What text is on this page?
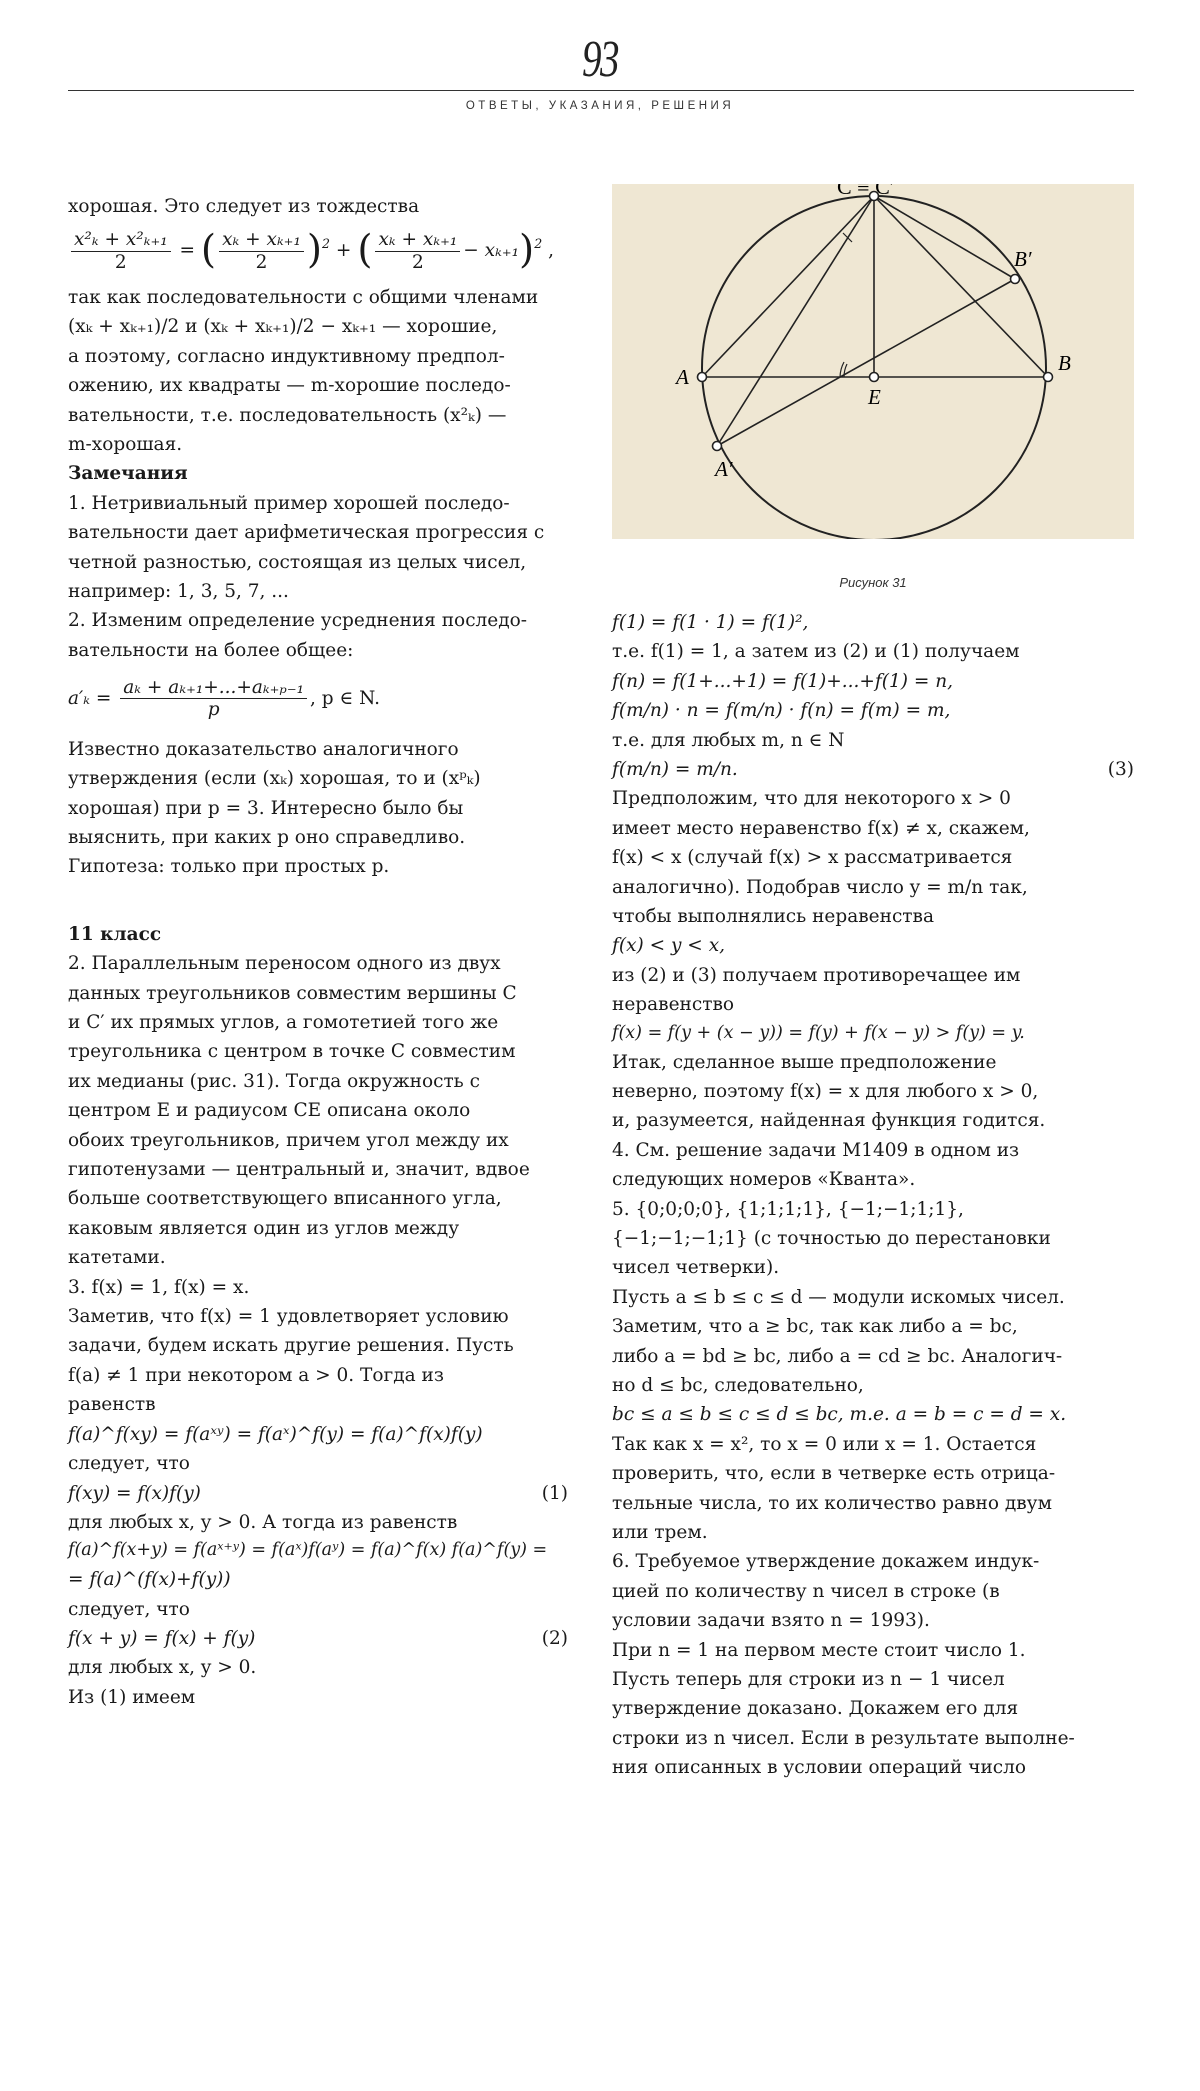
93
ОТВЕТЫ, УКАЗАНИЯ, РЕШЕНИЯ
C ≡ C′
A
B
E
A′
B′
Рисунок 31

хорошая. Это следует из тождества

$\frac{\text{x²ₖ + x²ₖ₊₁}}{2}$ = ( $\frac{\text{xₖ + xₖ₊₁}}{2} )^2$ + ( $\frac{\text{xₖ + xₖ₊₁}}{2} - x_{k+1})^2$ ,

так как последовательности с общими членами

(xₖ + xₖ₊₁)/2 и (xₖ + xₖ₊₁)/2 − xₖ₊₁ — хорошие,

а поэтому, согласно индуктивному предпол-

ожению, их квадраты — m-хорошие последо-

вательности, т.е. последовательность (x²ₖ) —

m-хорошая.

Замечания

1. Нетривиальный пример хорошей последо-

вательности дает арифметическая прогрессия с

четной разностью, состоящая из целых чисел,

например: 1, 3, 5, 7, ...

2. Изменим определение усреднения последо-

вательности на более общее:

$a'_k = \frac{\text{aₖ + aₖ₊₁+...+aₖ₊ₚ₋₁}}{p}$ , p ∈ N.

Известно доказательство аналогичного

утверждения (если (xₖ) хорошая, то и (xᵖₖ)

хорошая) при p = 3. Интересно было бы

выяснить, при каких p оно справедливо.

Гипотеза: только при простых p.

11 класс

2. Параллельным переносом одного из двух

данных треугольников совместим вершины C

и C′ их прямых углов, а гомотетией того же

треугольника с центром в точке C совместим

их медианы (рис. 31). Тогда окружность с

центром E и радиусом CE описана около

обоих треугольников, причем угол между их

гипотенузами — центральный и, значит, вдвое

больше соответствующего вписанного угла,

каковым является один из углов между

катетами.

3. f(x) = 1, f(x) = x.

Заметив, что f(x) = 1 удовлетворяет условию

задачи, будем искать другие решения. Пусть

f(a) ≠ 1 при некотором a > 0. Тогда из

равенств

f(a)^f(xy) = f(aˣʸ) = f(aˣ)^f(y) = f(a)^f(x)f(y)

следует, что

f(xy) = f(x)f(y)	(1)

для любых x, y > 0. А тогда из равенств

f(a)^f(x+y) = f(aˣ⁺ʸ) = f(aˣ)f(aʸ) = f(a)^f(x) f(a)^f(y) =

= f(a)^(f(x)+f(y))

следует, что

f(x + y) = f(x) + f(y)	(2)

для любых x, y > 0.

Из (1) имеем

f(1) = f(1 · 1) = f(1)²,

т.е. f(1) = 1, а затем из (2) и (1) получаем

f(n) = f(1+...+1) = f(1)+...+f(1) = n,

f(m/n) · n = f(m/n) · f(n) = f(m) = m,

т.е. для любых m, n ∈ N

f(m/n) = m/n.	(3)

Предположим, что для некоторого x > 0

имеет место неравенство f(x) ≠ x, скажем,

f(x) < x (случай f(x) > x рассматривается

аналогично). Подобрав число y = m/n так,

чтобы выполнялись неравенства

f(x) < y < x,

из (2) и (3) получаем противоречащее им

неравенство

f(x) = f(y + (x − y)) = f(y) + f(x − y) > f(y) = y.

Итак, сделанное выше предположение

неверно, поэтому f(x) = x для любого x > 0,

и, разумеется, найденная функция годится.

4. См. решение задачи М1409 в одном из

следующих номеров «Кванта».

5. {0;0;0;0}, {1;1;1;1}, {−1;−1;1;1},

{−1;−1;−1;1} (с точностью до перестановки

чисел четверки).

Пусть a ≤ b ≤ c ≤ d — модули искомых чисел.

Заметим, что a ≥ bc, так как либо a = bc,

либо a = bd ≥ bc, либо a = cd ≥ bc. Аналогич-

но d ≤ bc, следовательно,

bc ≤ a ≤ b ≤ c ≤ d ≤ bc, т.е. a = b = c = d = x.

Так как x = x², то x = 0 или x = 1. Остается

проверить, что, если в четверке есть отрица-

тельные числа, то их количество равно двум

или трем.

6. Требуемое утверждение докажем индук-

цией по количеству n чисел в строке (в

условии задачи взято n = 1993).

При n = 1 на первом месте стоит число 1.

Пусть теперь для строки из n − 1 чисел

утверждение доказано. Докажем его для

строки из n чисел. Если в результате выполне-

ния описанных в условии операций число
